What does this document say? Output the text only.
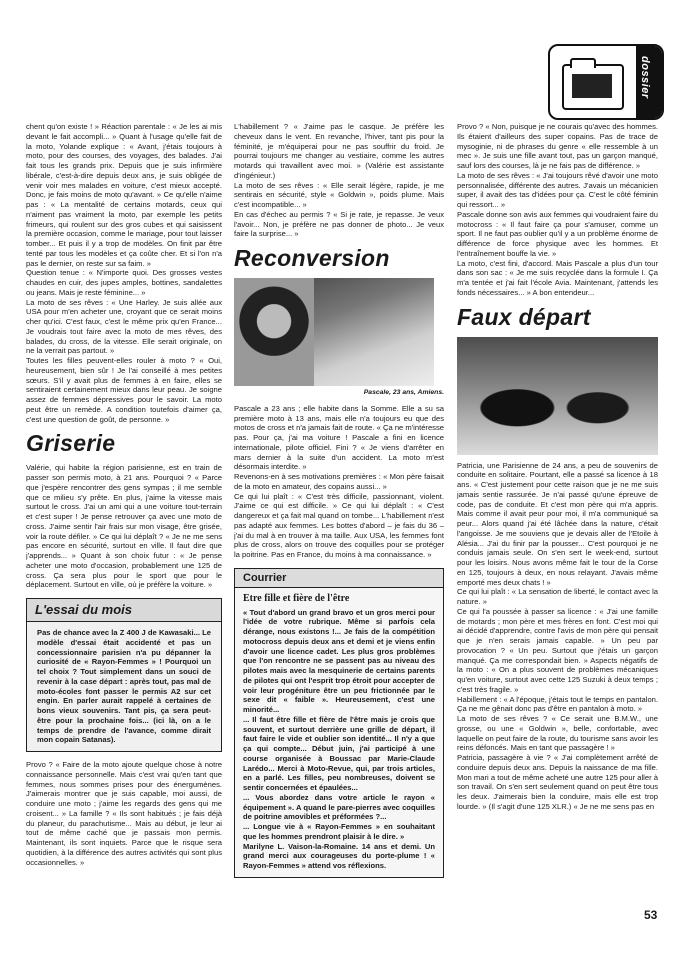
dossier

chent qu'on existe ! » Réaction parentale : « Je les ai mis devant le fait accompli... » Quant à l'usage qu'elle fait de la moto, Yolande explique : « Avant, j'étais toujours à moto, pour des courses, des voyages, des balades. J'ai fait tous les grands prix. Depuis que je suis infirmière libérale, c'est-à-dire depuis deux ans, je suis obligée de venir voir mes malades en voiture, c'est mieux accepté. Donc, je fais moins de moto qu'avant. » Ce qu'elle n'aime pas : « La mentalité de certains motards, ceux qui n'aiment pas vraiment la moto, par exemple les petits frimeurs, qui roulent sur des gros cubes et qui saisissent la première occasion, comme le mariage, pour tout laisser tomber... Et puis il y a trop de modèles. On finit par être tenté par tous les modèles et ça coûte cher. Et si l'on n'a pas le dernier, on reste sur sa faim. »

Question tenue : « N'importe quoi. Des grosses vestes chaudes en cuir, des jupes amples, bottines, sandalettes ou jeans. Mais je reste féminine... »

La moto de ses rêves : « Une Harley. Je suis allée aux USA pour m'en acheter une, croyant que ce serait moins cher qu'ici. C'est faux, c'est le même prix qu'en France... Je voudrais tout faire avec la moto de mes rêves, des balades, du cross, de la vitesse. Elle serait originale, on ne la verrait pas partout. »

Toutes les filles peuvent-elles rouler à moto ? « Oui, heureusement, bien sûr ! Je l'ai conseillé à mes petites sœurs. S'il y avait plus de femmes à en faire, elles se sentiraient certainement mieux dans leur peau. Je soigne assez de femmes dépressives pour le savoir. La moto peut être un remède. A condition toutefois d'aimer ça, c'est une question de goût, de personne. »

Griserie

Valérie, qui habite la région parisienne, est en train de passer son permis moto, à 21 ans. Pourquoi ? « Parce que j'espère rencontrer des gens sympas ; il me semble que ce milieu s'y prête. En plus, j'aime la vitesse mais surtout le cross. J'ai un ami qui a une voiture tout-terrain et c'est super ! Je pense retrouver ça avec une moto de cross. J'aime sentir l'air frais sur mon visage, être grisée, voir la route défiler. » Ce qui lui déplaît ? « Je ne me sens pas encore en sécurité, surtout en ville. Il faut dire que j'apprends... » Quant à son choix futur : « Je pense acheter une moto d'occasion, probablement une 125 de cross. Ça sera plus pour le sport que pour le déplacement. Surtout en ville, où je préfère la voiture. »

L'essai du mois
Pas de chance avec la Z 400 J de Kawasaki... Le modèle d'essai était accidenté et pas un concessionnaire parisien n'a pu dépanner la curiosité de « Rayon-Femmes » ! Pourquoi un tel choix ? Tout simplement dans un souci de revenir à la case départ : après tout, pas mal de moto-écoles font passer le permis A2 sur cet engin. En parler aurait rappelé à certaines de bons vieux souvenirs. Tant pis, ça sera peut-être pour la prochaine fois... (ici là, on a le temps de prendre de l'avance, comme dirait mon copain Satanas).

Provo ? « Faire de la moto ajoute quelque chose à notre connaissance personnelle. Mais c'est vrai qu'en tant que femmes, nous sommes prises pour des énergumènes. J'aimerais montrer que je suis capable, moi aussi, de conduire une moto ; j'aime les regards des gens qui me croisent... » La famille ? « Ils sont habitués ; je fais déjà du planeur, du parachutisme... Mais au début, je leur ai tout de même caché que je passais mon permis. Maintenant, ils sont inquiets. Parce que le risque sera quotidien, à la différence des autres activités qui sont plus occasionnelles. »

L'habillement ? « J'aime pas le casque. Je préfère les cheveux dans le vent. En revanche, l'hiver, tant pis pour la féminité, je m'équiperai pour ne pas souffrir du froid. Je pourrai toujours me changer au vestiaire, comme les autres motards qui travaillent avec moi. » (Valérie est assistante d'ingénieur.)

La moto de ses rêves : « Elle serait légère, rapide, je me sentirais en sécurité, style « Goldwin », poids plume. Mais c'est incompatible... »

En cas d'échec au permis ? « Si je rate, je repasse. Je veux l'avoir... Non, je préfère ne pas donner de photo... Je veux faire la surprise... »

Reconversion
Pascale, 23 ans, Amiens.

Pascale a 23 ans ; elle habite dans la Somme. Elle a su sa première moto à 13 ans, mais elle n'a toujours eu que des motos de cross et n'a jamais fait de route. « Ça ne m'intéresse pas. Pour ça, j'ai ma voiture ! Pascale a fini en licence internationale, pilote officiel. Fini ? « Je viens d'arrêter en mars dernier à la suite d'un accident. La moto m'est désormais interdite. »

Revenons-en à ses motivations premières : « Mon père faisait de la moto en amateur, des copains aussi... »

Ce qui lui plaît : « C'est très difficile, passionnant, violent. J'aime ce qui est difficile. » Ce qui lui déplaît : « C'est dangereux et ça fait mal quand on tombe... L'habillement n'est pas adapté aux femmes. Les bottes d'abord – je fais du 36 – j'ai du mal à en trouver à ma taille. Aux USA, les femmes font plus de cross, alors on trouve des coquilles pour se protéger la poitrine. Pas en France, du moins à ma connaissance. »

Courrier
Etre fille et fière de l'être
« Tout d'abord un grand bravo et un gros merci pour l'idée de votre rubrique. Même si parfois cela dérange, nous existons !... Je fais de la compétition motocross depuis deux ans et demi et je viens enfin d'avoir une licence cadet. Les plus gros problèmes que l'on rencontre ne se passent pas au niveau des pilotes mais avec la mesquinerie de certains parents de pilotes qui ont l'esprit trop étroit pour accepter de voir leur progéniture être un peu frictionnée par le sexe dit « faible ». Heureusement, c'est une minorité...
... Il faut être fille et fière de l'être mais je crois que souvent, et surtout derrière une grille de départ, il faut faire le vide et oublier son identité... Il n'y a que ça qui compte... Début juin, j'ai participé à une course organisée à Boussac par Marie-Claude Larédo... Merci à Moto-Revue, qui, par trois articles, en a parlé. Les filles, peu nombreuses, doivent se sentir concernées et épaulées...
... Vous abordez dans votre article le rayon « équipement ». A quand le pare-pierres avec coquilles de poitrine amovibles et préformées ?...
... Longue vie à « Rayon-Femmes » en souhaitant que les hommes prendront plaisir à le dire. »
Marilyne L. Vaison-la-Romaine. 14 ans et demi. Un grand merci aux courageuses du porte-plume ! « Rayon-Femmes » attend vos réflexions.

Provo ? « Non, puisque je ne courais qu'avec des hommes. Ils étaient d'ailleurs des super copains. Pas de trace de mysoginie, ni de phrases du genre « elle ressemble à un mec ». Je suis une fille avant tout, pas un garçon manqué, sauf lors des courses, là je ne fais pas de différence. »

La moto de ses rêves : « J'ai toujours rêvé d'avoir une moto personnalisée, différente des autres. J'avais un mécanicien super, il avait des tas d'idées pour ça. C'est le côté féminin qui ressort... »

Pascale donne son avis aux femmes qui voudraient faire du motocross : « Il faut faire ça pour s'amuser, comme un sport. Il ne faut pas oublier qu'il y a un problème énorme de différence de force physique avec les hommes. Et l'entraînement bouffe la vie. »

La moto, c'est fini, d'accord. Mais Pascale a plus d'un tour dans son sac : « Je me suis recyclée dans la formule I. Ça m'a tentée et j'ai fait l'école Avia. Maintenant, j'attends les fonds nécessaires... » A bon entendeur...

Faux départ

Patricia, une Parisienne de 24 ans, a peu de souvenirs de conduite en solitaire. Pourtant, elle a passé sa licence à 18 ans. « C'est justement pour cette raison que je ne me suis jamais sentie rassurée. Je n'ai passé qu'une épreuve de code, pas de conduite. Et c'est mon père qui m'a appris. Mais comme il avait peur pour moi, il m'a communiqué sa peur... Alors quand j'ai été lâchée dans la nature, c'était l'angoisse. Je me souviens que je devais aller de l'Etoile à Alésia... J'ai du finir par la pousser... C'est pourquoi je ne conduis jamais seule. On s'en sert le week-end, surtout pour les loisirs. Nous avons même fait le tour de la Corse en 125, toujours à deux, en nous relayant. J'avais même emporté mes deux chats ! »

Ce qui lui plaît : « La sensation de liberté, le contact avec la nature. »

Ce qui l'a poussée à passer sa licence : « J'ai une famille de motards ; mon père et mes frères en font. C'est moi qui ai décidé d'apprendre, contre l'avis de mon père qui pensait que je n'en serais jamais capable. » Un peu par provocation ? « Un peu. Surtout que j'étais un garçon manqué. Ça me correspondait bien. » Aspects négatifs de la moto : « On a plus souvent de problèmes mécaniques qu'en voiture, surtout avec cette 125 Suzuki à deux temps ; c'est très fragile. »

Habillement : « A l'époque, j'étais tout le temps en pantalon. Ça ne me gênait donc pas d'être en pantalon à moto. »

La moto de ses rêves ? « Ce serait une B.M.W., une grosse, ou une « Goldwin », belle, confortable, avec laquelle on peut faire de la route, du tourisme sans avoir les reins défoncés. Mais en tant que passagère ! »

Patricia, passagère à vie ? « J'ai complètement arrêté de conduire depuis deux ans. Depuis la naissance de ma fille. Mon mari a tout de même acheté une autre 125 pour aller à son travail. On s'en sert seulement quand on peut être tous les deux. J'aimerais bien la conduire, mais elle est trop lourde. » (Il s'agit d'une 125 XLR.) « Je ne me sens pas en

53
